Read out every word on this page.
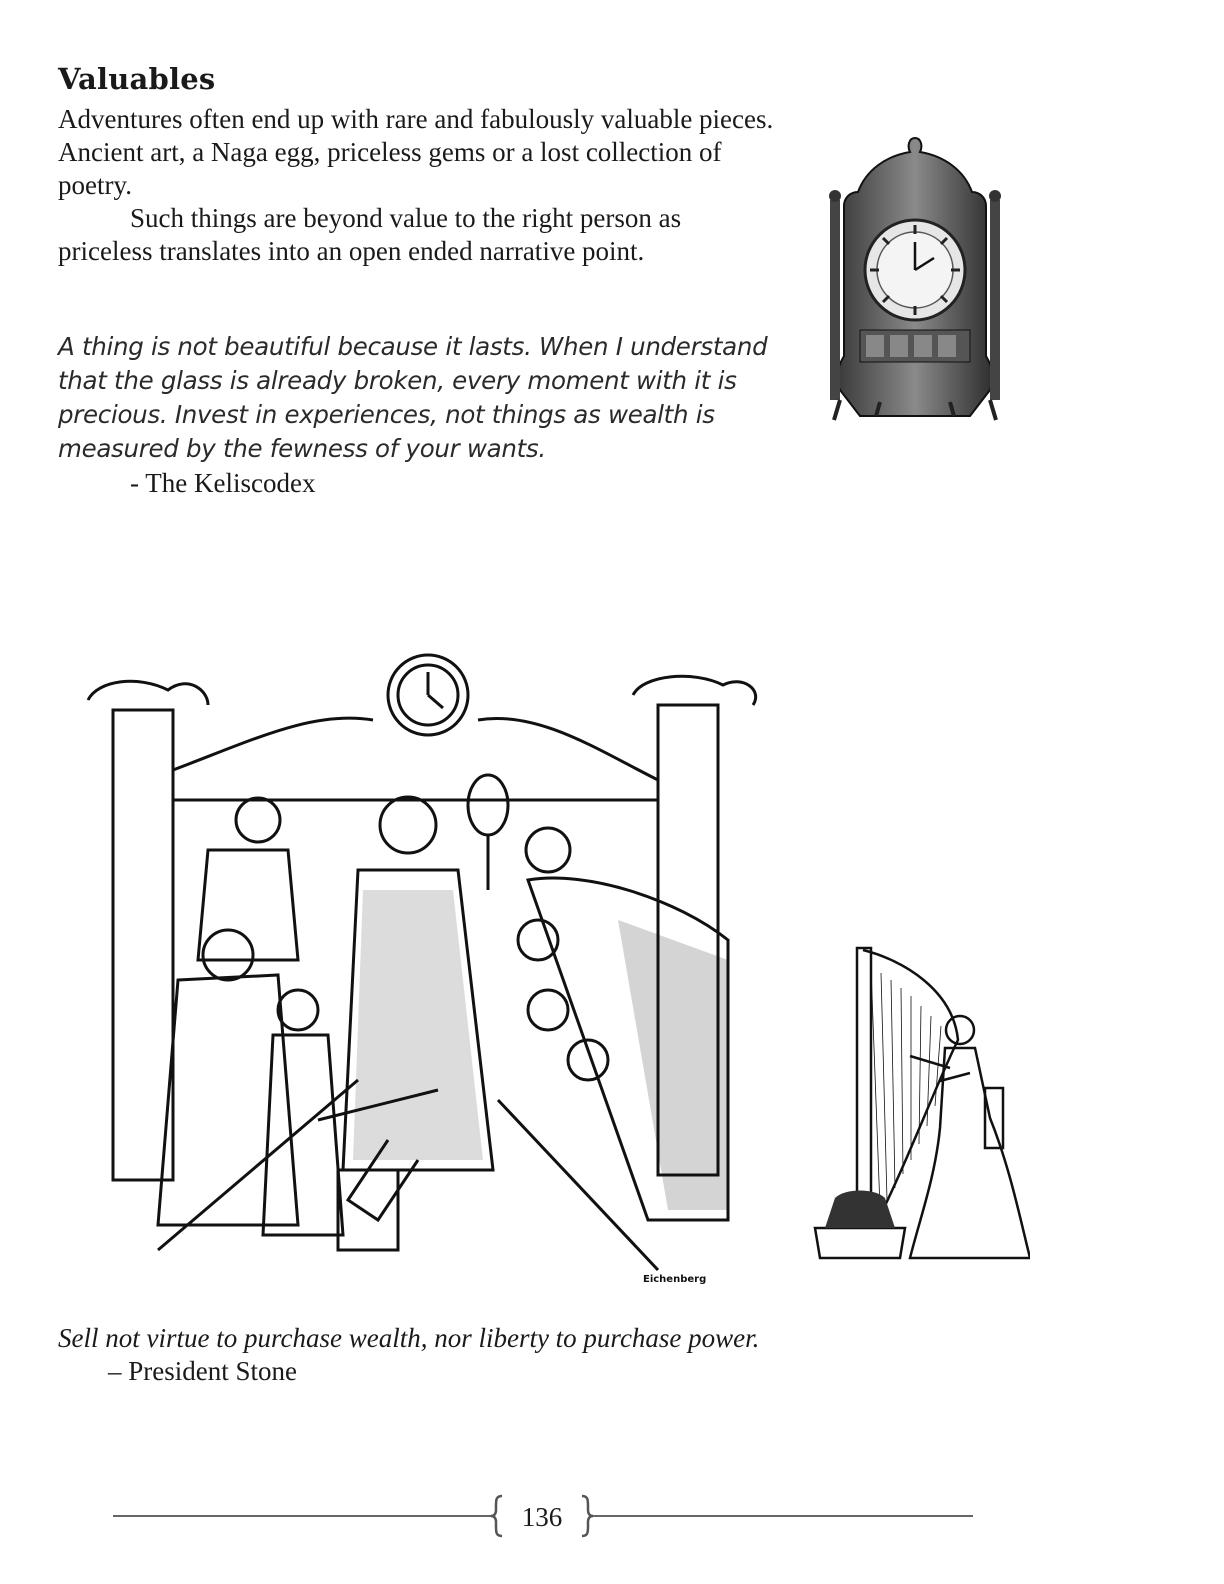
Valuables

Adventures often end up with rare and fabulously valuable pieces. Ancient art, a Naga egg, priceless gems or a lost collection of poetry.

Such things are beyond value to the right person as priceless translates into an open ended narrative point.

A thing is not beautiful because it lasts. When I understand that the glass is already broken, every moment with it is precious. Invest in experiences, not things as wealth is measured by the fewness of your wants.
- The Keliscodex
Eichenberg
Sell not virtue to purchase wealth, nor liberty to purchase power.
– President Stone
136
